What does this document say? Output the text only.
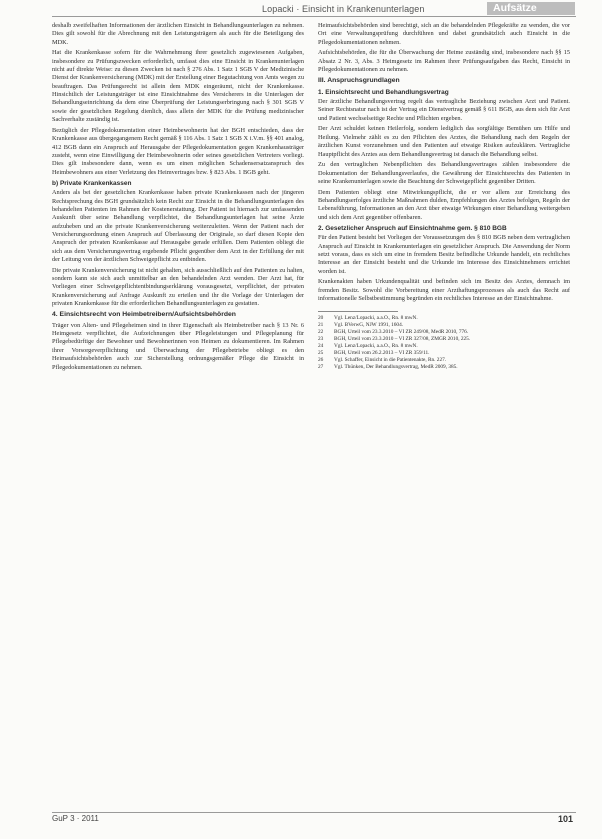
Lopacki · Einsicht in Krankenunterlagen	Aufsätze

deshalb zweifelhaften Informationen der ärztlichen Einsicht in Behandlungsunterlagen zu nehmen. Dies gilt sowohl für die Abrechnung mit den Leistungsträgern als auch für die Beteiligung des MDK.

Hat die Krankenkasse sofern für die Wahrnehmung ihrer gesetzlich zugewiesenen Aufgaben, insbesondere zu Prüfungszwecken erforderlich, umfasst dies eine Einsicht in Krankenunterlagen nicht auf direkte Weise: zu diesen Zwecken ist nach § 276 Abs. 1 Satz 1 SGB V der Medizinische Dienst der Krankenversicherung (MDK) mit der Erstellung einer Begutachtung von Amts wegen zu beauftragen. Das Prüfungsrecht ist allein dem MDK eingeräumt, nicht der Krankenkasse. Hinsichtlich der Leistungsträger ist eine Einsichtnahme des Versicherers in die Unterlagen der Behandlungseinrichtung da dem eine Überprüfung der Leistungserbringung nach § 301 SGB V sowie der gesetzlichen Regelung dienlich, dass allein der MDK für die Prüfung medizinischer Sachverhalte zuständig ist.

Bezüglich der Pflegedokumentation einer Heimbewohnerin hat der BGH entschieden, dass der Krankenkasse aus übergegangenem Recht gemäß § 116 Abs. 1 Satz 1 SGB X i.V.m. §§ 401 analog, 412 BGB dann ein Anspruch auf Herausgabe der Pflegedokumentation gegen Krankenhausträger zusteht, wenn eine Einwilligung der Heimbewohnerin oder seines gesetzlichen Vertreters vorliegt. Dies gilt insbesondere dann, wenn es um einen möglichen Schadensersatzanspruch des Heimbewohners aus einer Verletzung des Heimvertrages bzw. § 823 Abs. 1 BGB geht.

b) Private Krankenkassen

Anders als bei der gesetzlichen Krankenkasse haben private Krankenkassen nach der jüngeren Rechtsprechung des BGH grundsätzlich kein Recht zur Einsicht in die Behandlungsunterlagen des behandelten Patienten im Rahmen der Kostenerstattung. Der Patient ist hiernach zur umfassenden Auskunft über seine Behandlung verpflichtet, die Behandlungsunterlagen hat seine Ärzte aufzuheben und an die private Krankenversicherung weiterzuleiten. Wenn der Patient nach der Versicherungsordnung einen Anspruch auf Überlassung der Originale, so darf diesen Kopie den Anspruch der privaten Krankenkasse auf Herausgabe gerade erfüllen. Dem Patienten obliegt die sich aus dem Versicherungsvertrag ergebende Pflicht gegenüber dem Arzt in der Erfüllung der mit der Leitung von der ärztlichen Schweigepflicht zu entbinden.

Die private Krankenversicherung ist nicht gehalten, sich ausschließlich auf den Patienten zu halten, sondern kann sie sich auch unmittelbar an den behandelnden Arzt wenden. Der Arzt hat, für Vorliegen einer Schweigepflichtentbindungserklärung vorausgesetzt, verpflichtet, der privaten Krankenversicherung auf Anfrage Auskunft zu erteilen und ihr die Vorlage der Unterlagen der privaten Krankenkasse für die erforderlichen Behandlungsunterlagen zu gestatten.

4. Einsichtsrecht von Heimbetreibern/Aufsichtsbehörden

Träger von Alten- und Pflegeheimen sind in ihrer Eigenschaft als Heimbetreiber nach § 13 Nr. 6 Heimgesetz verpflichtet, die Aufzeichnungen über Pflegeleistungen und Pflegeplanung für Pflegebedürftige der Bewohner und Bewohnerinnen von Heimen zu dokumentieren. Im Rahmen ihrer Vorsorgeverpflichtung und Überwachung der Pflegebetriebe obliegt es den Heimaufsichtsbehörden auch zur Sicherstellung ordnungsgemäßer Pflege die Einsicht in Pflegedokumentationen zu nehmen.

Heimaufsichtsbehörden sind berechtigt, sich an die behandelnden Pflegekräfte zu wenden, die vor Ort eine Verwaltungsprüfung durchführen und dabei grundsätzlich auch Einsicht in die Pflegedokumentationen nehmen.

Aufsichtsbehörden, die für die Überwachung der Heime zuständig sind, insbesondere nach §§ 15 Absatz 2 Nr. 3, Abs. 3 Heimgesetz im Rahmen ihrer Prüfungsaufgaben das Recht, Einsicht in Pflegedokumentationen zu nehmen.

III. Anspruchsgrundlagen
1. Einsichtsrecht und Behandlungsvertrag

Der ärztliche Behandlungsvertrag regelt das vertragliche Beziehung zwischen Arzt und Patient. Seiner Rechtsnatur nach ist der Vertrag ein Dienstvertrag gemäß § 611 BGB, aus dem sich für Arzt und Patient wechselseitige Rechte und Pflichten ergeben.

Der Arzt schuldet keinen Heilerfolg, sondern lediglich das sorgfältige Bemühen um Hilfe und Heilung. Vielmehr zählt es zu den Pflichten des Arztes, die Behandlung nach den Regeln der ärztlichen Kunst vorzunehmen und den Patienten auf etwaige Risiken aufzuklären. Vertragliche Hauptpflicht des Arztes aus dem Behandlungsvertrag ist danach die Behandlung selbst.

Zu den vertraglichen Nebenpflichten des Behandlungsvertrages zählen insbesondere die Dokumentation der Behandlungsverlaufes, die Gewährung der Einsichtsrechts des Patienten in seine Krankenunterlagen sowie die Beachtung der Schweigepflicht gegenüber Dritten.

Dem Patienten obliegt eine Mitwirkungspflicht, die er vor allem zur Erreichung des Behandlungserfolges ärztliche Maßnahmen dulden, Empfehlungen des Arztes befolgen, Regeln der Lebensführung, Informationen an den Arzt über etwaige Wirkungen einer Behandlung weitergeben und sich dem Arzt gegenüber offenbaren.

2. Gesetzlicher Anspruch auf Einsichtnahme gem. § 810 BGB

Für den Patient besteht bei Vorliegen der Voraussetzungen des § 810 BGB neben dem vertraglichen Anspruch auf Einsicht in Krankenunterlagen ein gesetzlicher Anspruch. Die Anwendung der Norm setzt voraus, dass es sich um eine in fremdem Besitz befindliche Urkunde handelt, ein rechtliches Interesse an der Einsicht besteht und die Urkunde im Interesse des Einsichtnehmers errichtet worden ist.

Krankenakten haben Urkundenqualität und befinden sich im Besitz des Arztes, demnach im fremden Besitz. Sowohl die Vorbereitung einer Arzthaftungsprozesses als auch das Recht auf informationelle Selbstbestimmung begründen ein rechtliches Interesse an der Einsichtnahme.

20	Vgl. Lenz/Lopacki, a.a.O., Rn. 8 mwN.
21	Vgl. BVerwG, NJW 1991, 1604.
22	BGH, Urteil vom 23.3.2010 – VI ZR 249/08, MedR 2010, 776.
23	BGH, Urteil vom 23.3.2010 – VI ZR 327/08, ZMGR 2010, 225.
24	Vgl. Lenz/Lopacki, a.a.O., Rn. 8 mwN.
25	BGH, Urteil vom 26.2.2013 – VI ZR 359/11.
26	Vgl. Schaffer, Einsicht in die Patientenakte, Rn. 227.
27	Vgl. Thünken, Der Behandlungsvertrag, MedR 2009, 385.
GuP 3 · 2011	101
